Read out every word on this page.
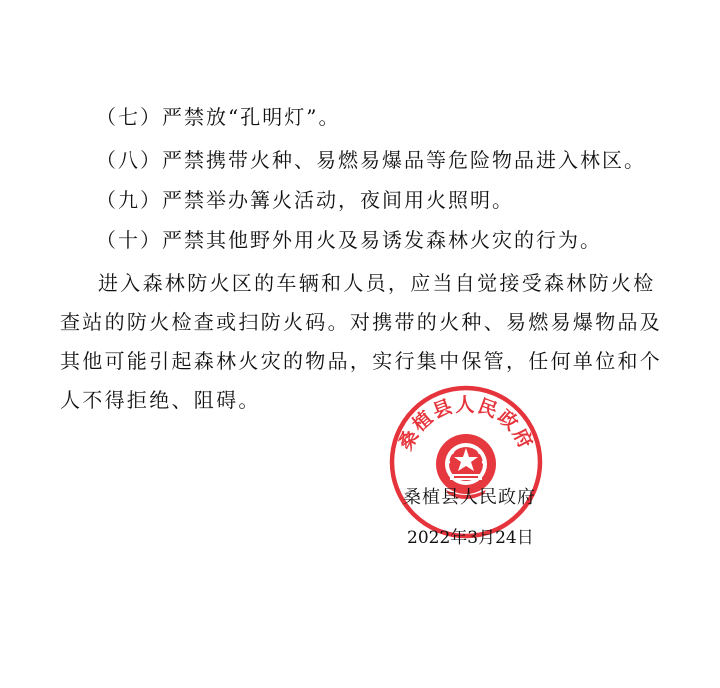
（七）严禁放“孔明灯”。
（八）严禁携带火种、易燃易爆品等危险物品进入林区。
（九）严禁举办篝火活动，夜间用火照明。
（十）严禁其他野外用火及易诱发森林火灾的行为。
进入森林防火区的车辆和人员，应当自觉接受森林防火检
查站的防火检查或扫防火码。对携带的火种、易燃易爆物品及
其他可能引起森林火灾的物品，实行集中保管，任何单位和个
人不得拒绝、阻碍。
桑植县人民政府
桑植县人民政府
2022年3月24日
